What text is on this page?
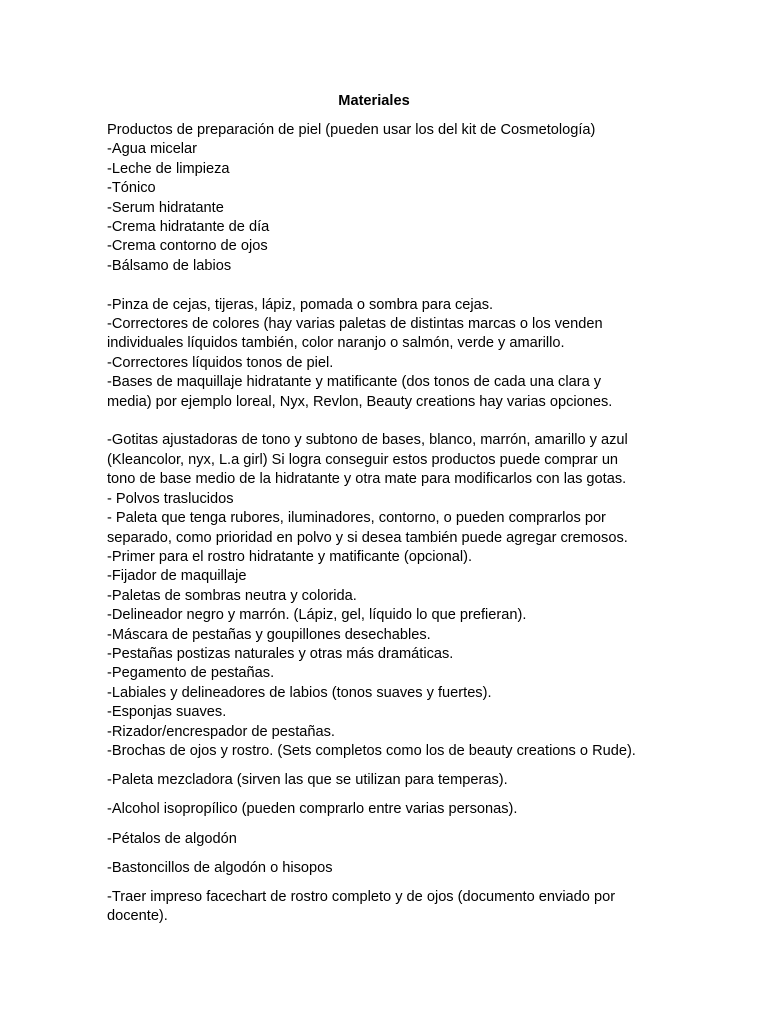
Materiales

Productos de preparación de piel (pueden usar los del kit de Cosmetología)

-Agua micelar

-Leche de limpieza

-Tónico

-Serum hidratante

-Crema hidratante de día

-Crema contorno de ojos

-Bálsamo de labios

-Pinza de cejas, tijeras, lápiz, pomada o sombra para cejas.

-Correctores de colores (hay varias paletas de distintas marcas o los venden

individuales líquidos también, color naranjo o salmón, verde y amarillo.

-Correctores líquidos tonos de piel.

-Bases de maquillaje hidratante y matificante (dos tonos de cada una clara y

media) por ejemplo loreal, Nyx, Revlon, Beauty creations hay varias opciones.

-Gotitas ajustadoras de tono y subtono de bases, blanco, marrón, amarillo y azul

(Kleancolor, nyx, L.a girl) Si logra conseguir estos productos puede comprar un

tono de base medio de la hidratante y otra mate para modificarlos con las gotas.

- Polvos traslucidos

- Paleta que tenga rubores, iluminadores, contorno, o pueden comprarlos por

separado, como prioridad en polvo y si desea también puede agregar cremosos.

-Primer para el rostro hidratante y matificante (opcional).

-Fijador de maquillaje

-Paletas de sombras neutra y colorida.

-Delineador negro y marrón. (Lápiz, gel, líquido lo que prefieran).

-Máscara de pestañas y goupillones desechables.

-Pestañas postizas naturales y otras más dramáticas.

-Pegamento de pestañas.

-Labiales y delineadores de labios (tonos suaves y fuertes).

-Esponjas suaves.

-Rizador/encrespador de pestañas.

-Brochas de ojos y rostro. (Sets completos como los de beauty creations o Rude).

-Paleta mezcladora (sirven las que se utilizan para temperas).

-Alcohol isopropílico (pueden comprarlo entre varias personas).

-Pétalos de algodón

-Bastoncillos de algodón o hisopos

-Traer impreso facechart de rostro completo y de ojos (documento enviado por

docente).
